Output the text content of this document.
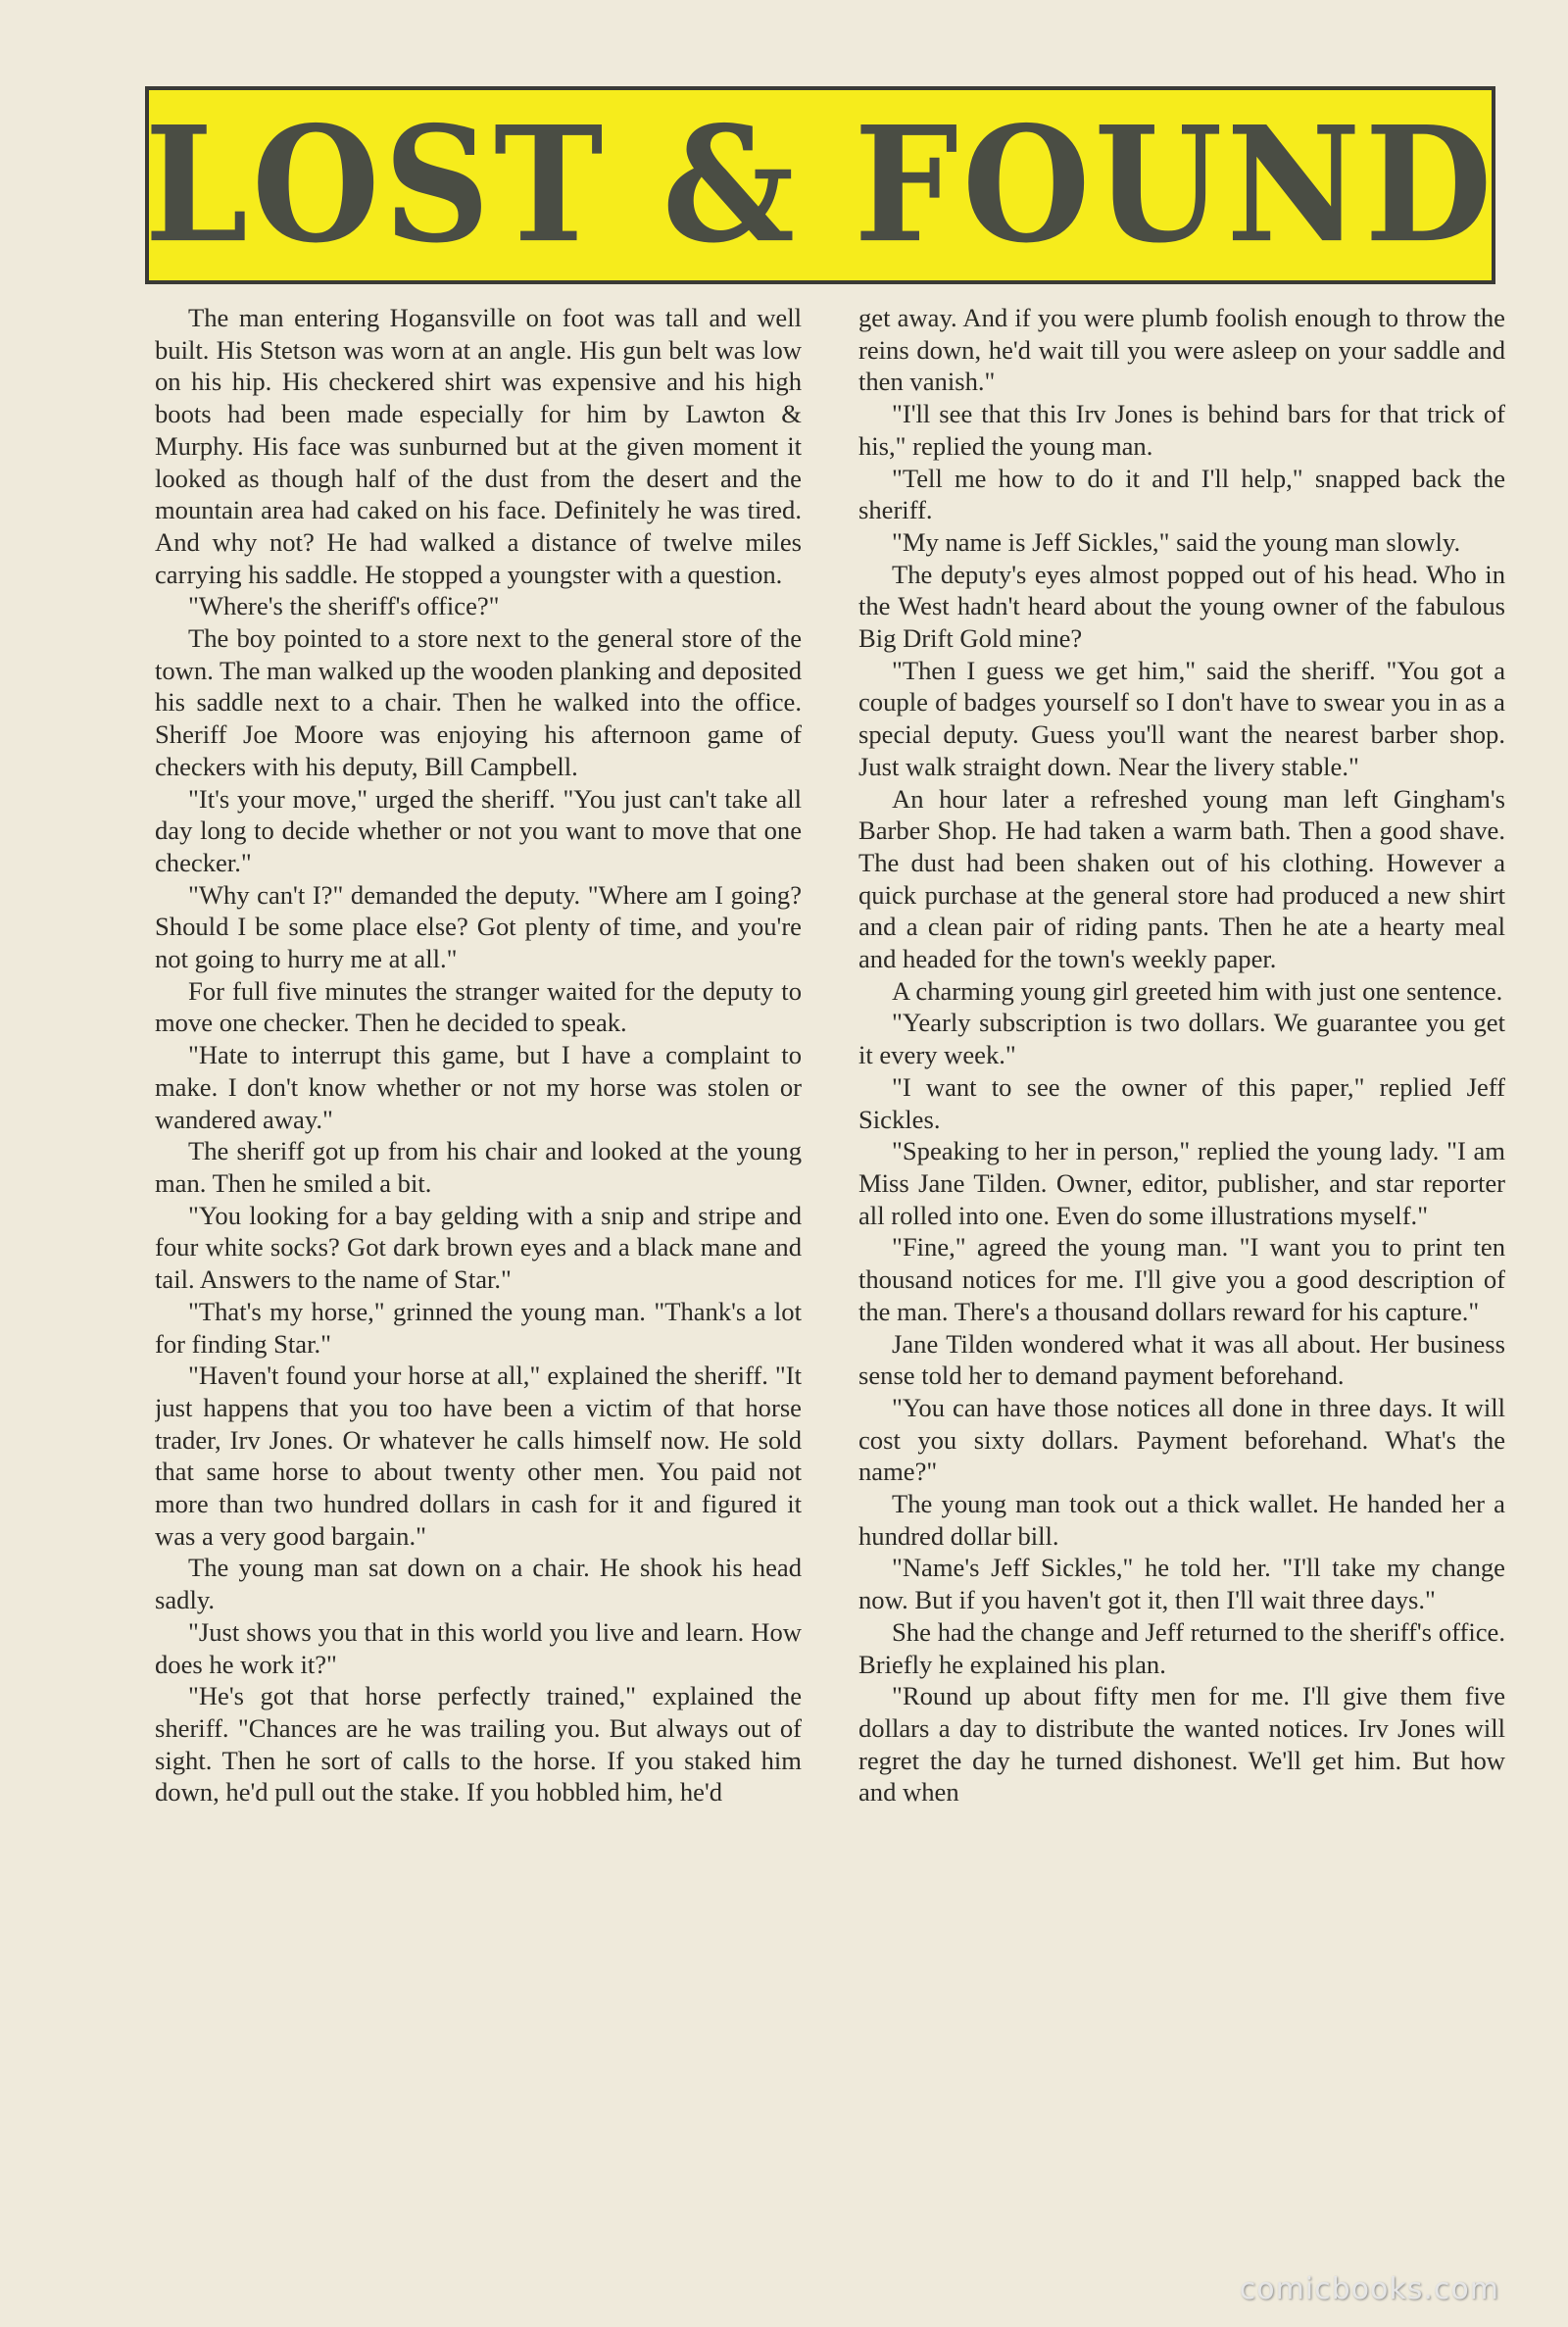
LOST & FOUND

The man entering Hogansville on foot was tall and well built. His Stetson was worn at an angle. His gun belt was low on his hip. His checkered shirt was expensive and his high boots had been made especially for him by Lawton & Murphy. His face was sunburned but at the given moment it looked as though half of the dust from the desert and the mountain area had caked on his face. Definitely he was tired. And why not? He had walked a distance of twelve miles carrying his saddle. He stopped a youngster with a question.

"Where's the sheriff's office?"

The boy pointed to a store next to the general store of the town. The man walked up the wooden planking and deposited his saddle next to a chair. Then he walked into the office. Sheriff Joe Moore was enjoying his afternoon game of checkers with his deputy, Bill Campbell.

"It's your move," urged the sheriff. "You just can't take all day long to decide whether or not you want to move that one checker."

"Why can't I?" demanded the deputy. "Where am I going? Should I be some place else? Got plenty of time, and you're not going to hurry me at all."

For full five minutes the stranger waited for the deputy to move one checker. Then he decided to speak.

"Hate to interrupt this game, but I have a complaint to make. I don't know whether or not my horse was stolen or wandered away."

The sheriff got up from his chair and looked at the young man. Then he smiled a bit.

"You looking for a bay gelding with a snip and stripe and four white socks? Got dark brown eyes and a black mane and tail. Answers to the name of Star."

"That's my horse," grinned the young man. "Thank's a lot for finding Star."

"Haven't found your horse at all," explained the sheriff. "It just happens that you too have been a victim of that horse trader, Irv Jones. Or whatever he calls himself now. He sold that same horse to about twenty other men. You paid not more than two hundred dollars in cash for it and figured it was a very good bargain."

The young man sat down on a chair. He shook his head sadly.

"Just shows you that in this world you live and learn. How does he work it?"

"He's got that horse perfectly trained," explained the sheriff. "Chances are he was trailing you. But always out of sight. Then he sort of calls to the horse. If you staked him down, he'd pull out the stake. If you hobbled him, he'd

get away. And if you were plumb foolish enough to throw the reins down, he'd wait till you were asleep on your saddle and then vanish."

"I'll see that this Irv Jones is behind bars for that trick of his," replied the young man.

"Tell me how to do it and I'll help," snapped back the sheriff.

"My name is Jeff Sickles," said the young man slowly.

The deputy's eyes almost popped out of his head. Who in the West hadn't heard about the young owner of the fabulous Big Drift Gold mine?

"Then I guess we get him," said the sheriff. "You got a couple of badges yourself so I don't have to swear you in as a special deputy. Guess you'll want the nearest barber shop. Just walk straight down. Near the livery stable."

An hour later a refreshed young man left Gingham's Barber Shop. He had taken a warm bath. Then a good shave. The dust had been shaken out of his clothing. However a quick purchase at the general store had produced a new shirt and a clean pair of riding pants. Then he ate a hearty meal and headed for the town's weekly paper.

A charming young girl greeted him with just one sentence.

"Yearly subscription is two dollars. We guarantee you get it every week."

"I want to see the owner of this paper," replied Jeff Sickles.

"Speaking to her in person," replied the young lady. "I am Miss Jane Tilden. Owner, editor, publisher, and star reporter all rolled into one. Even do some illustrations myself."

"Fine," agreed the young man. "I want you to print ten thousand notices for me. I'll give you a good description of the man. There's a thousand dollars reward for his capture."

Jane Tilden wondered what it was all about. Her business sense told her to demand payment beforehand.

"You can have those notices all done in three days. It will cost you sixty dollars. Payment beforehand. What's the name?"

The young man took out a thick wallet. He handed her a hundred dollar bill.

"Name's Jeff Sickles," he told her. "I'll take my change now. But if you haven't got it, then I'll wait three days."

She had the change and Jeff returned to the sheriff's office. Briefly he explained his plan.

"Round up about fifty men for me. I'll give them five dollars a day to distribute the wanted notices. Irv Jones will regret the day he turned dishonest. We'll get him. But how and when

comicbooks.com
